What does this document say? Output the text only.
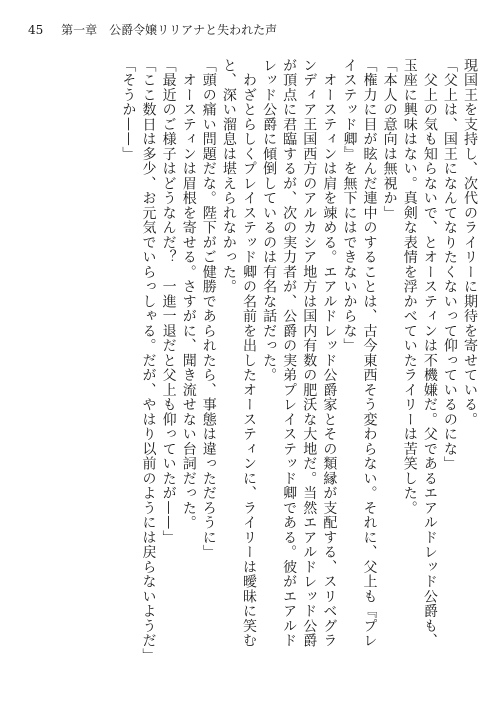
45 第一章　公爵令嬢リリアナと失われた声
現国王を支持し、次代のライリーに期待を寄せている。
「父上は、国王になんてなりたくないって仰っているのにな」
　父上の気も知らないで、とオースティンは不機嫌だ。父であるエアルドレッド公爵も、
玉座に興味はない。真剣な表情を浮かべていたライリーは苦笑した。
「本人の意向は無視か」
「権力に目が眩んだ連中のすることは、古今東西そう変わらない。それに、父上も『プレ
イステッド卿』を無下にはできないからな」
　オースティンは肩を竦める。エアルドレッド公爵家とその類縁が支配する、スリベグラ
ンディア王国西方のアルカシア地方は国内有数の肥沃な大地だ。当然エアルドレッド公爵
が頂点に君臨するが、次の実力者が、公爵の実弟プレイステッド卿である。彼がエアルド
レッド公爵に傾倒しているのは有名な話だった。
　わざとらしくプレイステッド卿の名前を出したオースティンに、ライリーは曖昧に笑む
と、深い溜息は堪えられなかった。
「頭の痛い問題だな。陛下がご健勝であられたら、事態は違っただろうに」
　オースティンは眉根を寄せる。さすがに、聞き流せない台詞だった。
「最近のご様子はどうなんだ？　一進一退だと父上も仰っていたが——」
「ここ数日は多少、お元気でいらっしゃる。だが、やはり以前のようには戻らないようだ」
「そうか——」
